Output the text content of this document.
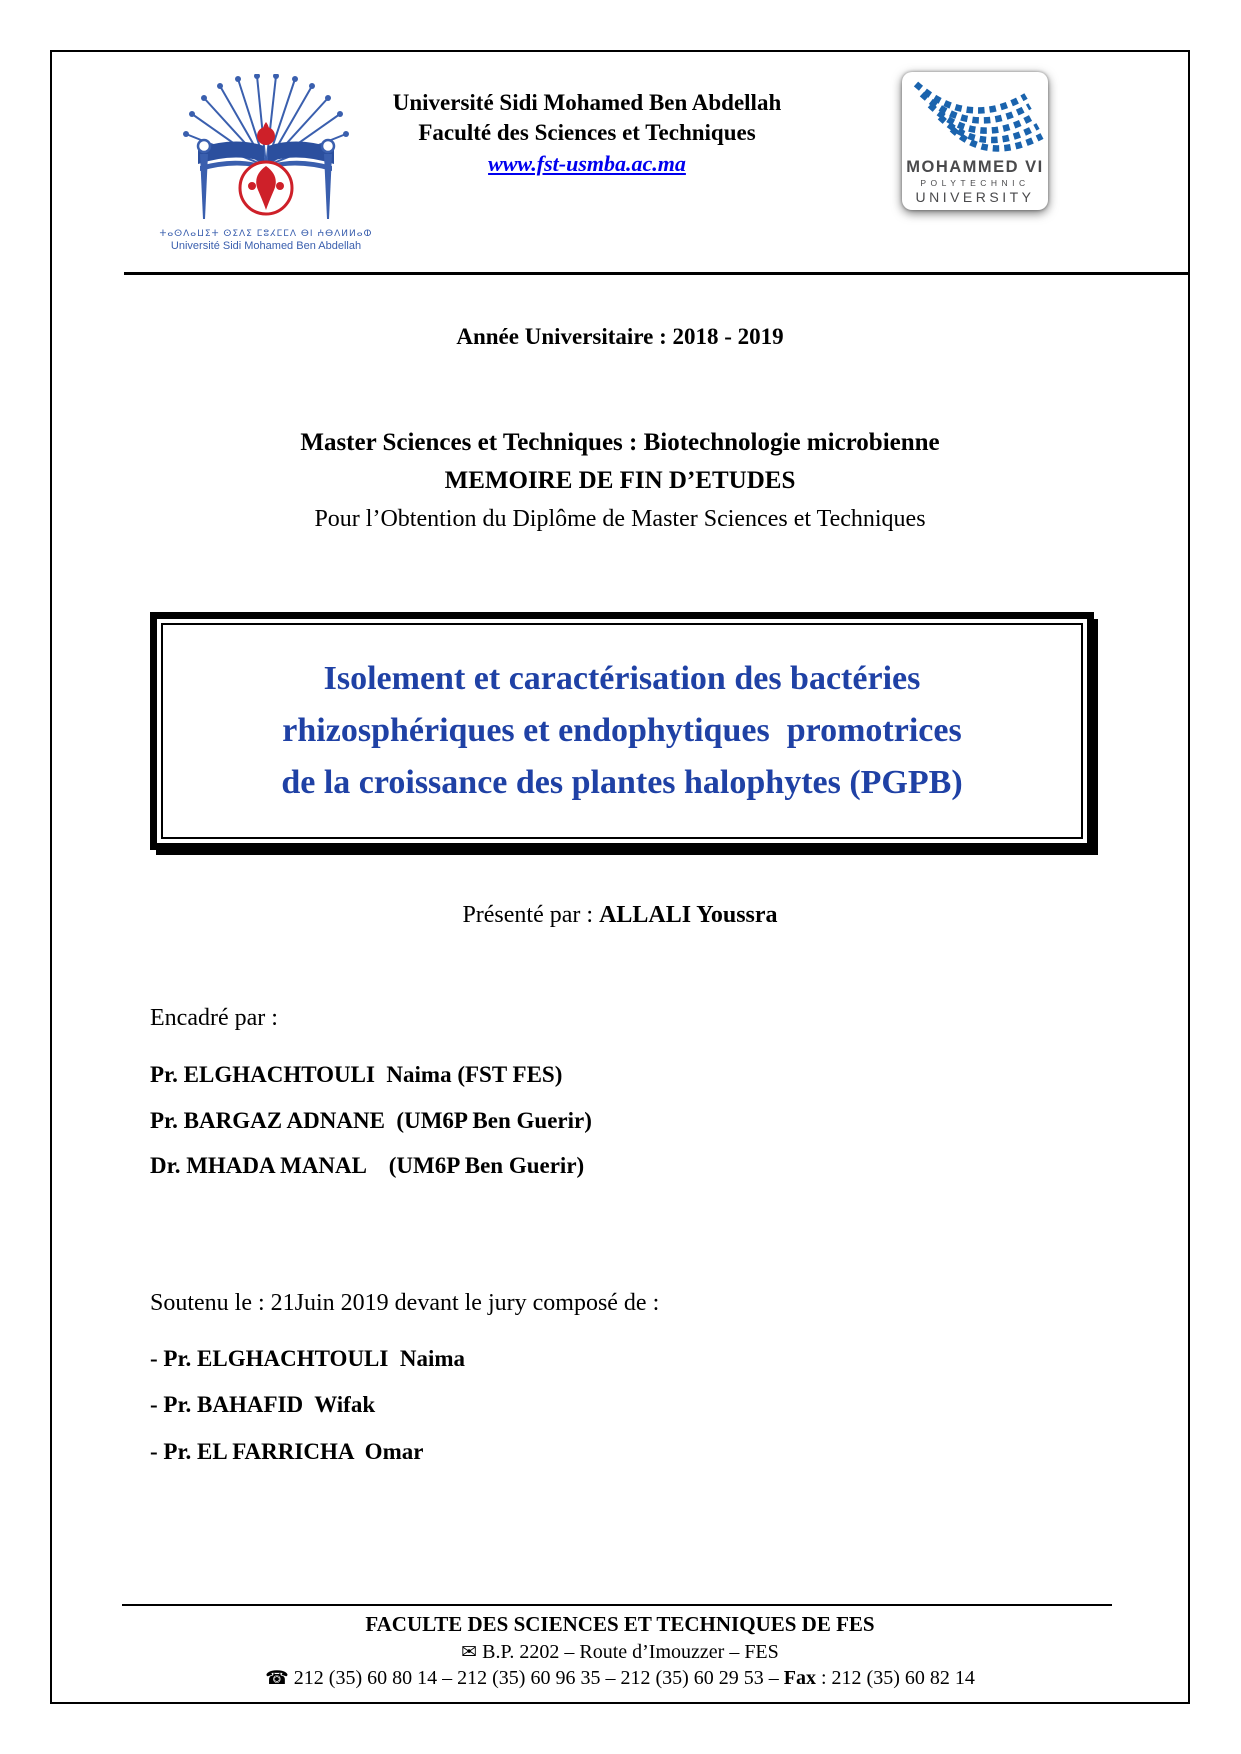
ⵜⴰⵙⴷⴰⵡⵉⵜ ⵙⵉⴷⵉ ⵎⵓⵃⵎⵎⴷ ⴱⵏ ⵄⴱⴷⵍⵍⴰⵀ
Université Sidi Mohamed Ben Abdellah
Université Sidi Mohamed Ben Abdellah
Faculté des Sciences et Techniques
www.fst-usmba.ac.ma	MOHAMMED VI
POLYTECHNIC
UNIVERSITY
Année Universitaire : 2018 - 2019
Master Sciences et Techniques : Biotechnologie microbienne
MEMOIRE DE FIN D’ETUDES
Pour l’Obtention du Diplôme de Master Sciences et Techniques
Isolement et caractérisation des bactéries
rhizosphériques et endophytiques  promotrices
de la croissance des plantes halophytes (PGPB)
Présenté par : ALLALI Youssra
Encadré par :
Pr. ELGHACHTOULI  Naima (FST FES)
Pr. BARGAZ ADNANE  (UM6P Ben Guerir)
Dr. MHADA MANAL    (UM6P Ben Guerir)
Soutenu le : 21Juin 2019 devant le jury composé de :
- Pr. ELGHACHTOULI  Naima
- Pr. BAHAFID  Wifak
- Pr. EL FARRICHA  Omar
FACULTE DES SCIENCES ET TECHNIQUES DE FES
✉ B.P. 2202 – Route d’Imouzzer – FES
☎ 212 (35) 60 80 14 – 212 (35) 60 96 35 – 212 (35) 60 29 53 – Fax : 212 (35) 60 82 14
